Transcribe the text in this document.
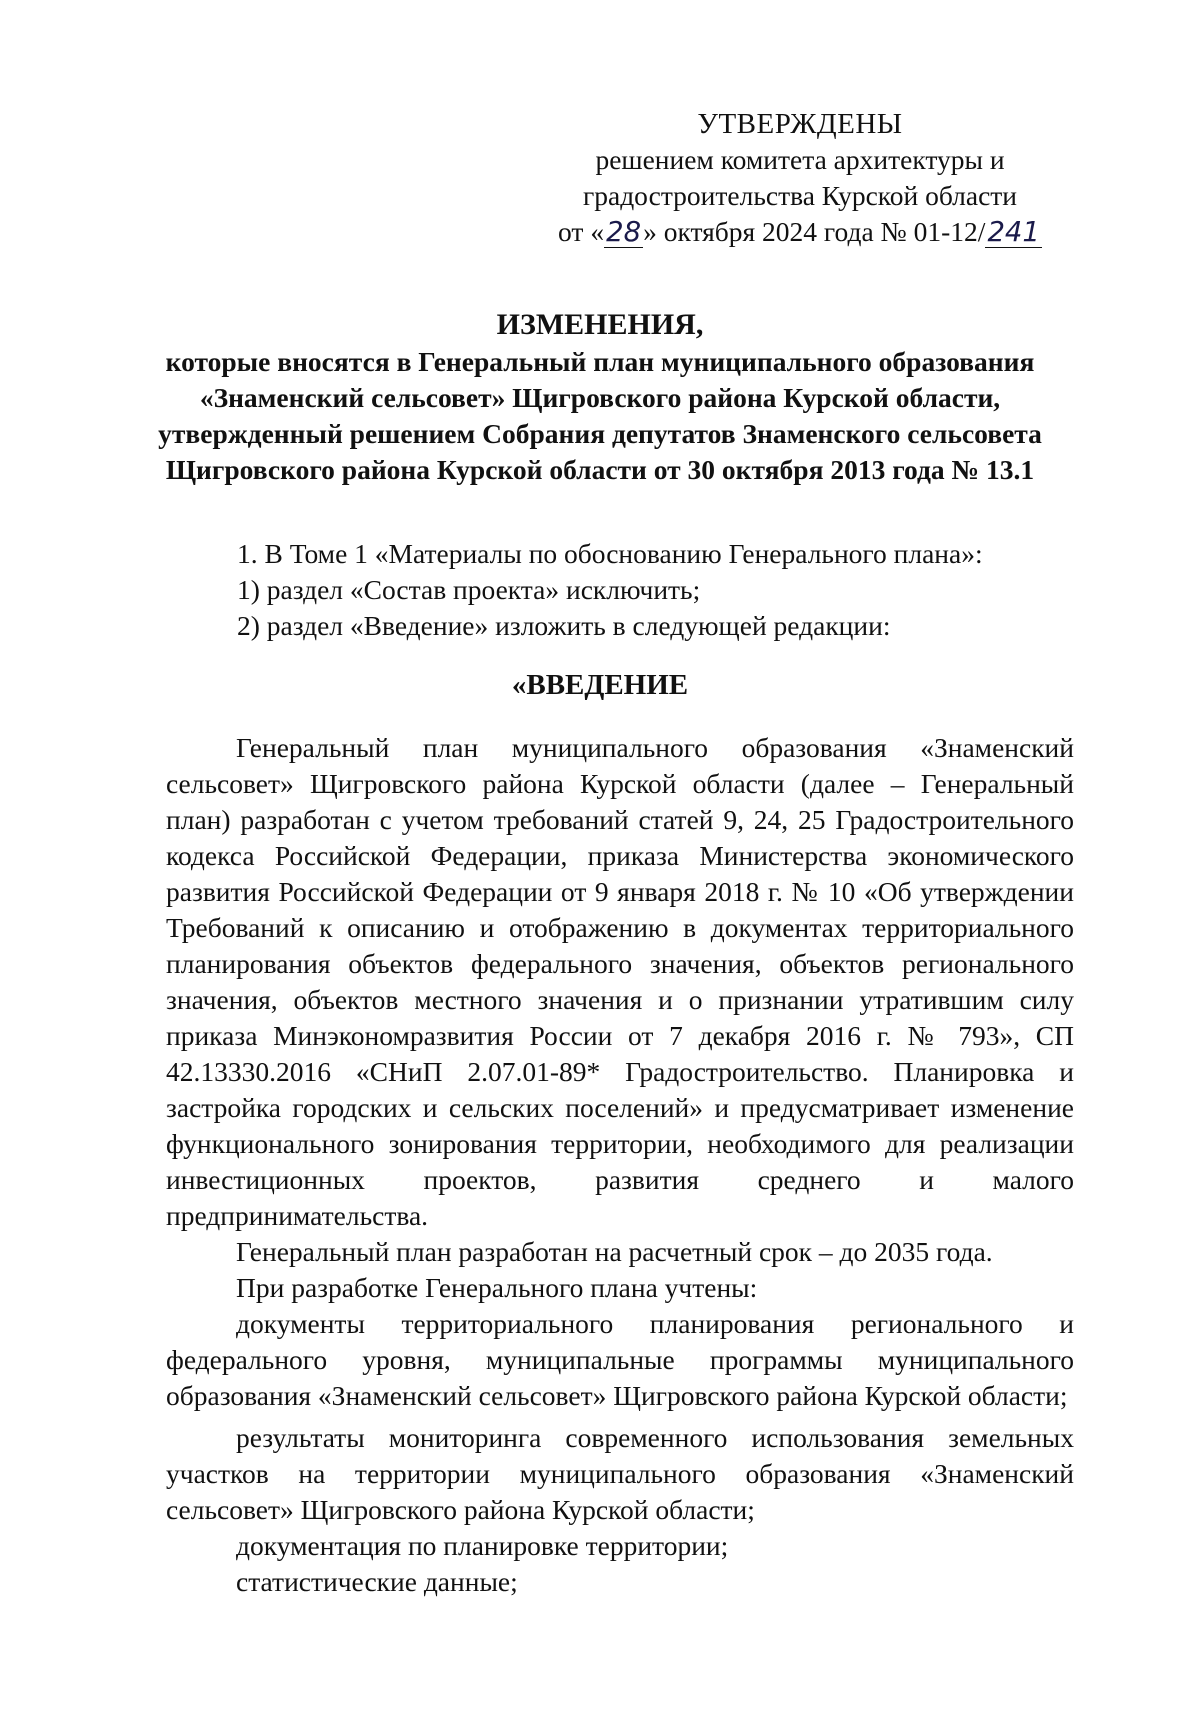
УТВЕРЖДЕНЫ
решением комитета архитектуры и
градостроительства Курской области
от «28» октября 2024 года № 01-12/241
ИЗМЕНЕНИЯ,
которые вносятся в Генеральный план муниципального образования
«Знаменский сельсовет» Щигровского района Курской области,
утвержденный решением Собрания депутатов Знаменского сельсовета
Щигровского района Курской области от 30 октября 2013 года № 13.1
1. В Томе 1 «Материалы по обоснованию Генерального плана»:
1) раздел «Состав проекта» исключить;
2) раздел «Введение» изложить в следующей редакции:
«ВВЕДЕНИЕ

Генеральный план муниципального образования «Знаменский сельсовет» Щигровского района Курской области (далее – Генеральный план) разработан с учетом требований статей 9, 24, 25 Градостроительного кодекса Российской Федерации, приказа Министерства экономического развития Российской Федерации от 9 января 2018 г. № 10 «Об утверждении Требований к описанию и отображению в документах территориального планирования объектов федерального значения, объектов регионального значения, объектов местного значения и о признании утратившим силу приказа Минэкономразвития России от 7 декабря 2016 г. № 793», СП 42.13330.2016 «СНиП 2.07.01-89* Градостроительство. Планировка и застройка городских и сельских поселений» и предусматривает изменение функционального зонирования территории, необходимого для реализации инвестиционных проектов, развития среднего и малого предпринимательства.

Генеральный план разработан на расчетный срок – до 2035 года.

При разработке Генерального плана учтены:

документы территориального планирования регионального и федерального уровня, муниципальные программы муниципального образования «Знаменский сельсовет» Щигровского района Курской области;

результаты мониторинга современного использования земельных участков на территории муниципального образования «Знаменский сельсовет» Щигровского района Курской области;

документация по планировке территории;

статистические данные;
